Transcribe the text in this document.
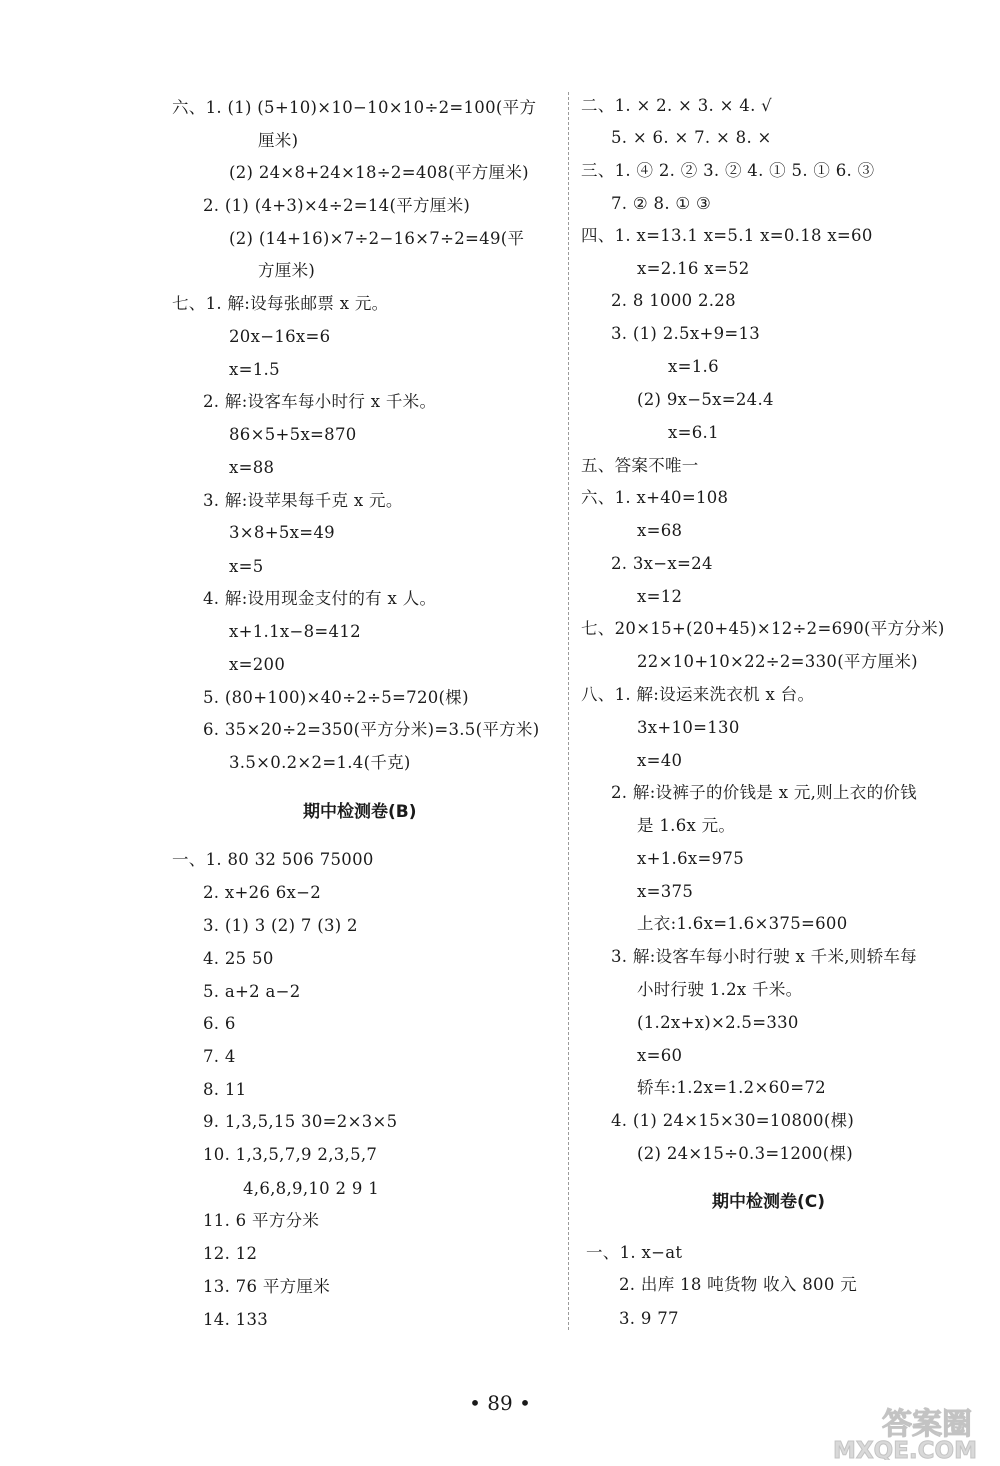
六、1. (1) (5+10)×10−10×10÷2=100(平方
厘米)
(2) 24×8+24×18÷2=408(平方厘米)
2. (1) (4+3)×4÷2=14(平方厘米)
(2) (14+16)×7÷2−16×7÷2=49(平
方厘米)
七、1. 解:设每张邮票 x 元。
20x−16x=6
x=1.5
2. 解:设客车每小时行 x 千米。
86×5+5x=870
x=88
3. 解:设苹果每千克 x 元。
3×8+5x=49
x=5
4. 解:设用现金支付的有 x 人。
x+1.1x−8=412
x=200
5. (80+100)×40÷2÷5=720(棵)
6. 35×20÷2=350(平方分米)=3.5(平方米)
3.5×0.2×2=1.4(千克)
期中检测卷(B)
一、1. 80 32 506 75000
2. x+26 6x−2
3. (1) 3 (2) 7 (3) 2
4. 25 50
5. a+2 a−2
6. 6
7. 4
8. 11
9. 1,3,5,15 30=2×3×5
10. 1,3,5,7,9 2,3,5,7
4,6,8,9,10 2 9 1
11. 6 平方分米
12. 12
13. 76 平方厘米
14. 133
二、1. × 2. × 3. × 4. √
5. × 6. × 7. × 8. ×
三、1. ④ 2. ② 3. ② 4. ① 5. ① 6. ③
7. ② 8. ① ③
四、1. x=13.1 x=5.1 x=0.18 x=60
x=2.16 x=52
2. 8 1000 2.28
3. (1) 2.5x+9=13
x=1.6
(2) 9x−5x=24.4
x=6.1
五、答案不唯一
六、1. x+40=108
x=68
2. 3x−x=24
x=12
七、20×15+(20+45)×12÷2=690(平方分米)
22×10+10×22÷2=330(平方厘米)
八、1. 解:设运来洗衣机 x 台。
3x+10=130
x=40
2. 解:设裤子的价钱是 x 元,则上衣的价钱
是 1.6x 元。
x+1.6x=975
x=375
上衣:1.6x=1.6×375=600
3. 解:设客车每小时行驶 x 千米,则轿车每
小时行驶 1.2x 千米。
(1.2x+x)×2.5=330
x=60
轿车:1.2x=1.2×60=72
4. (1) 24×15×30=10800(棵)
(2) 24×15÷0.3=1200(棵)
期中检测卷(C)
一、1. x−at
2. 出库 18 吨货物 收入 800 元
3. 9 77
• 89 •
答案圈
MXQE.COM
